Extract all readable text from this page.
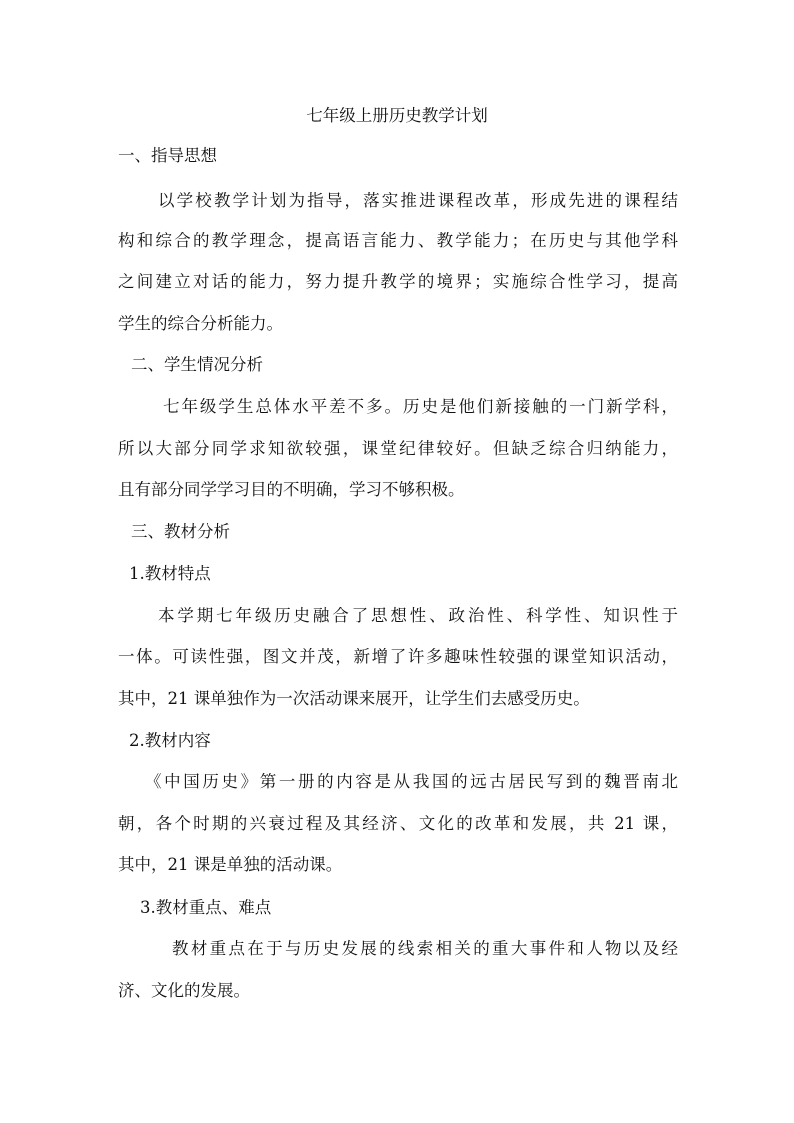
七年级上册历史教学计划
一、指导思想
以学校教学计划为指导，落实推进课程改革，形成先进的课程结
构和综合的教学理念，提高语言能力、教学能力；在历史与其他学科
之间建立对话的能力，努力提升教学的境界；实施综合性学习，提高
学生的综合分析能力。
二、学生情况分析
七年级学生总体水平差不多。历史是他们新接触的一门新学科，
所以大部分同学求知欲较强，课堂纪律较好。但缺乏综合归纳能力，
且有部分同学学习目的不明确，学习不够积极。
三、教材分析
1.教材特点
本学期七年级历史融合了思想性、政治性、科学性、知识性于
一体。可读性强，图文并茂，新增了许多趣味性较强的课堂知识活动，
其中，21 课单独作为一次活动课来展开，让学生们去感受历史。
2.教材内容
《中国历史》第一册的内容是从我国的远古居民写到的魏晋南北
朝，各个时期的兴衰过程及其经济、文化的改革和发展，共 21 课，
其中，21 课是单独的活动课。
3.教材重点、难点
教材重点在于与历史发展的线索相关的重大事件和人物以及经
济、文化的发展。
